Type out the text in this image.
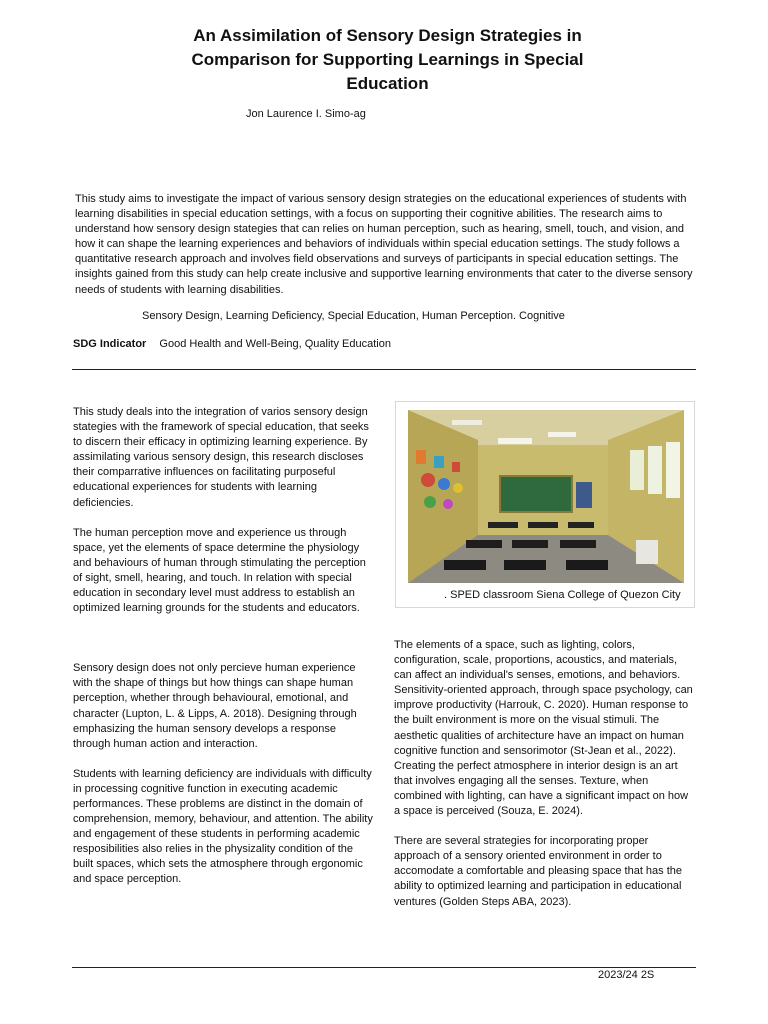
An Assimilation of Sensory Design Strategies in Comparison for Supporting Learnings in Special Education
Jon Laurence I. Simo-ag

This study aims to investigate the impact of various sensory design strategies on the educational experiences of students with learning disabilities in special education settings, with a focus on supporting their cognitive abilities. The research aims to understand how sensory design stategies that can relies on human perception, such as hearing, smell, touch, and vision, and how it can shape the learning experiences and behaviors of individuals within special education settings. The study follows a quantitative research approach and involves field observations and surveys of participants in special education settings. The insights gained from this study can help create inclusive and supportive learning environments that cater to the diverse sensory needs of students with learning disabilities.

Sensory Design, Learning Deficiency, Special Education, Human Perception. Cognitive
SDG Indicator Good Health and Well-Being, Quality Education

This study deals into the integration of varios sensory design stategies with the framework of special education, that seeks to discern their efficacy in optimizing learning experience. By assimilating various sensory design, this research discloses their comparrative influences on facilitating purposeful educational experiences for students with learning deficiencies.

The human perception move and experience us through space, yet the elements of space determine the physiology and behaviours of human through stimulating the perception of sight, smell, hearing, and touch. In relation with special education in secondary level must address to establish an optimized learning grounds for the students and educators.

Sensory design does not only percieve human experience with the shape of things but how things can shape human perception, whether through behavioural, emotional, and character (Lupton, L. & Lipps, A. 2018). Designing through emphasizing the human sensory develops a response through human action and interaction.

Students with learning deficiency are individuals with difficulty in processing cognitive function in executing academic performances. These problems are distinct in the domain of comprehension, memory, behaviour, and attention. The ability and engagement of these students in performing academic resposibilities also relies in the physizality condition of the built spaces, which sets the atmosphere through ergonomic and space perception.

. SPED classroom Siena College of Quezon City

The elements of a space, such as lighting, colors, configuration, scale, proportions, acoustics, and materials, can affect an individual's senses, emotions, and behaviors. Sensitivity-oriented approach, through space psychology, can improve productivity (Harrouk, C. 2020). Human response to the built environment is more on the visual stimuli. The aesthetic qualities of architecture have an impact on human cognitive function and sensorimotor (St-Jean et al., 2022). Creating the perfect atmosphere in interior design is an art that involves engaging all the senses. Texture, when combined with lighting, can have a significant impact on how a space is perceived (Souza, E. 2024).

There are several strategies for incorporating proper approach of a sensory oriented environment in order to accomodate a comfortable and pleasing space that has the ability to optimized learning and participation in educational ventures (Golden Steps ABA, 2023).

2023/24 2S
